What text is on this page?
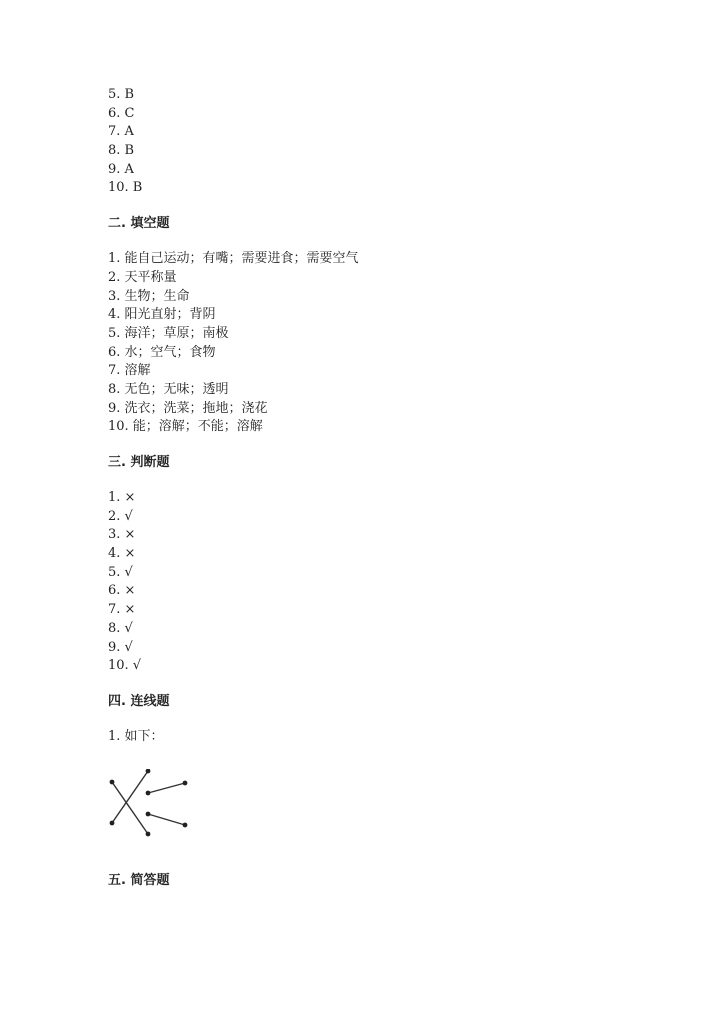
5. B
6. C
7. A
8. B
9. A
10. B
二. 填空题
1. 能自己运动；有嘴；需要进食；需要空气
2. 天平称量
3. 生物；生命
4. 阳光直射；背阴
5. 海洋；草原；南极
6. 水；空气；食物
7. 溶解
8. 无色；无味；透明
9. 洗衣；洗菜；拖地；浇花
10. 能；溶解；不能；溶解
三. 判断题
1. ×
2. √
3. ×
4. ×
5. √
6. ×
7. ×
8. √
9. √
10. √
四. 连线题
1. 如下：
五. 简答题
